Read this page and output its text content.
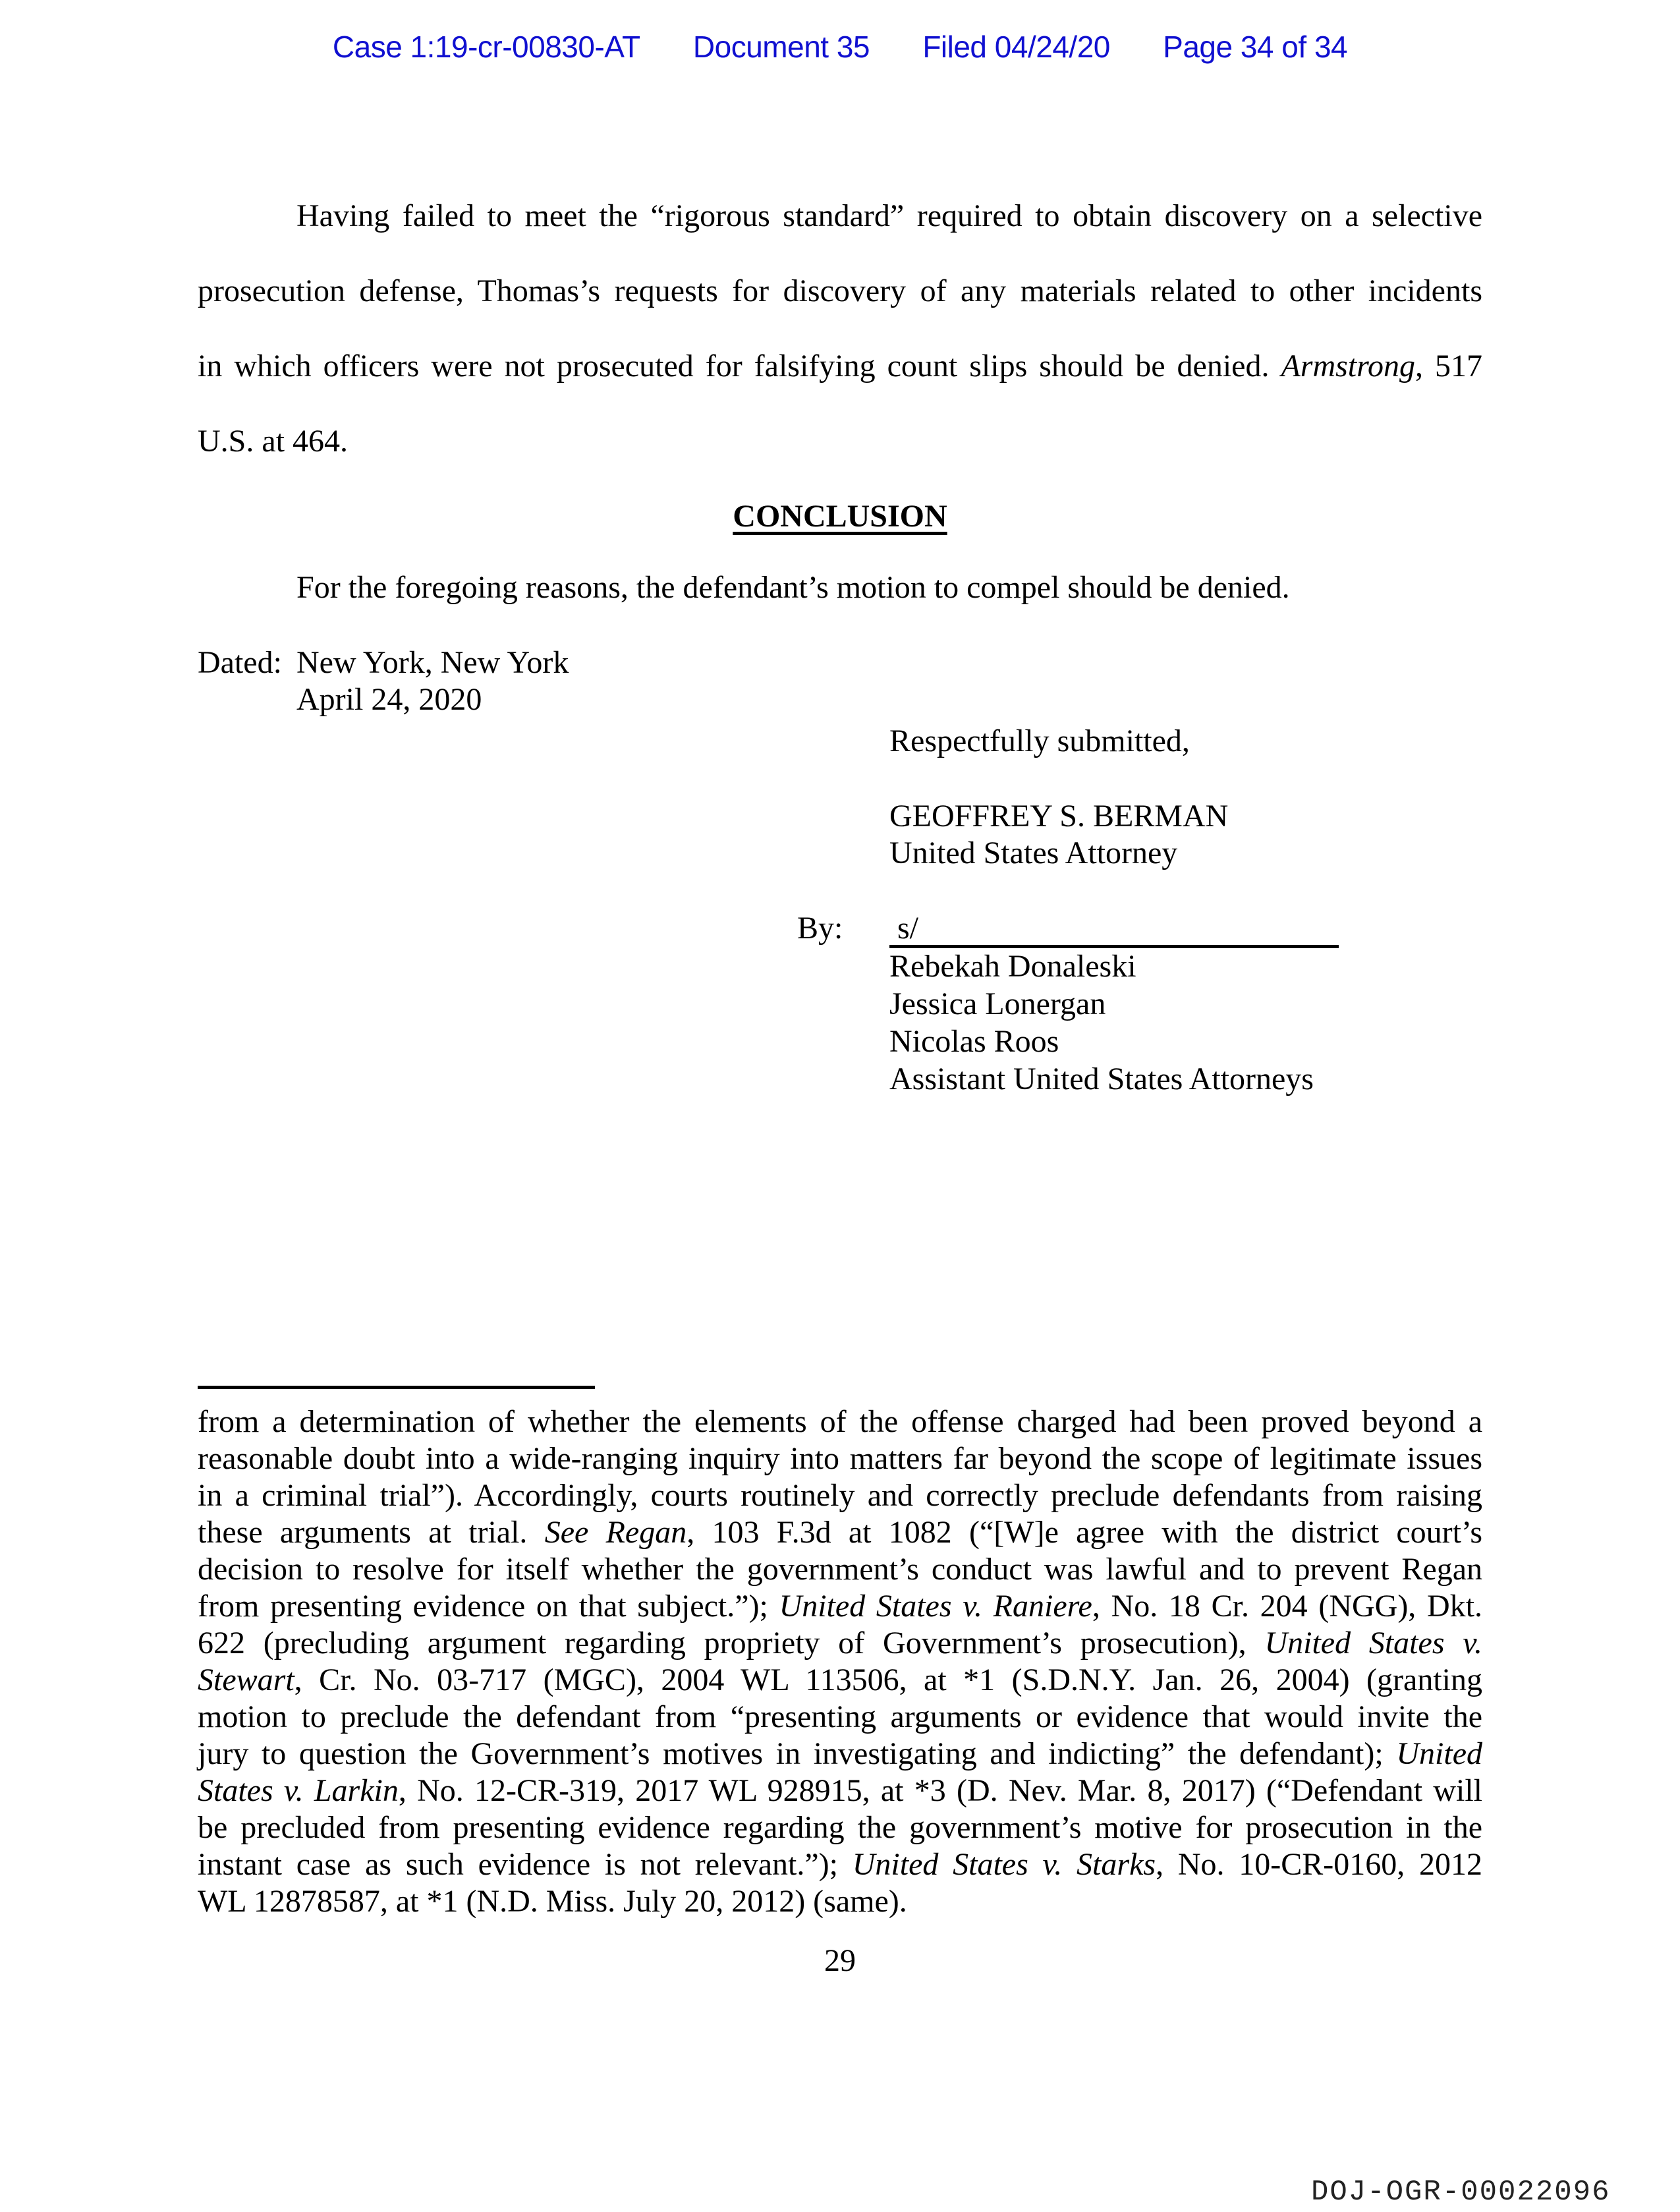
Case 1:19-cr-00830-AT Document 35 Filed 04/24/20 Page 34 of 34
Having failed to meet the “rigorous standard” required to obtain discovery on a selective
prosecution defense, Thomas’s requests for discovery of any materials related to other incidents
in which officers were not prosecuted for falsifying count slips should be denied. Armstrong, 517
U.S. at 464.
CONCLUSION
For the foregoing reasons, the defendant’s motion to compel should be denied.
Dated: New York, New York
April 24, 2020
Respectfully submitted,
GEOFFREY S. BERMAN
United States Attorney
By: s/
Rebekah Donaleski
Jessica Lonergan
Nicolas Roos
Assistant United States Attorneys
from a determination of whether the elements of the offense charged had been proved beyond a
reasonable doubt into a wide-ranging inquiry into matters far beyond the scope of legitimate issues
in a criminal trial”). Accordingly, courts routinely and correctly preclude defendants from raising
these arguments at trial. See Regan, 103 F.3d at 1082 (“[W]e agree with the district court’s
decision to resolve for itself whether the government’s conduct was lawful and to prevent Regan
from presenting evidence on that subject.”); United States v. Raniere, No. 18 Cr. 204 (NGG), Dkt.
622 (precluding argument regarding propriety of Government’s prosecution), United States v.
Stewart, Cr. No. 03-717 (MGC), 2004 WL 113506, at *1 (S.D.N.Y. Jan. 26, 2004) (granting
motion to preclude the defendant from “presenting arguments or evidence that would invite the
jury to question the Government’s motives in investigating and indicting” the defendant); United
States v. Larkin, No. 12-CR-319, 2017 WL 928915, at *3 (D. Nev. Mar. 8, 2017) (“Defendant will
be precluded from presenting evidence regarding the government’s motive for prosecution in the
instant case as such evidence is not relevant.”); United States v. Starks, No. 10-CR-0160, 2012
WL 12878587, at *1 (N.D. Miss. July 20, 2012) (same).
29
DOJ-OGR-00022096
